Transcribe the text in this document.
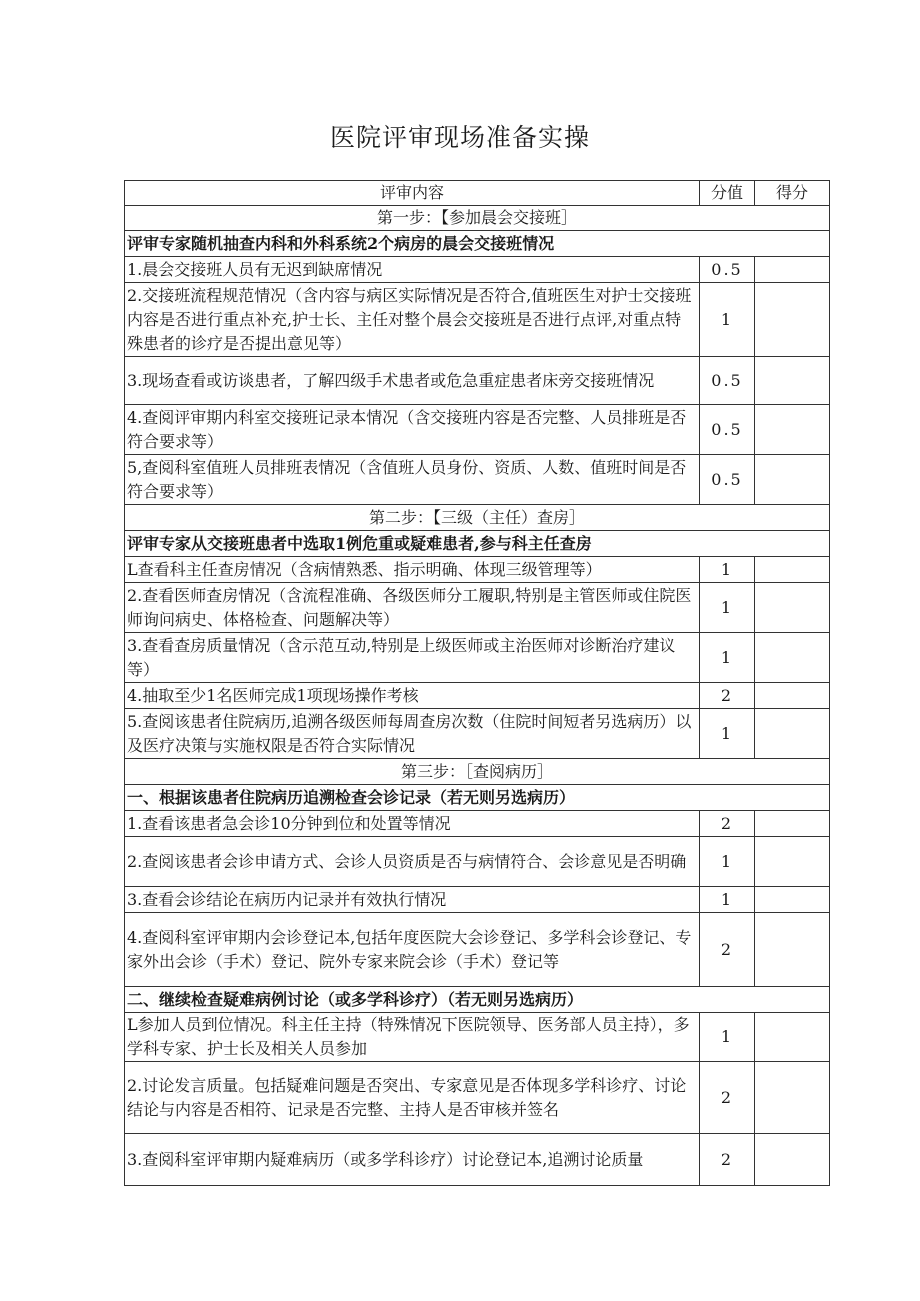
医院评审现场准备实操
评审内容	分值	得分
第一步：【参加晨会交接班］		
评审专家随机抽查内科和外科系统2个病房的晨会交接班情况		
1.晨会交接班人员有无迟到缺席情况	0.5	
2.交接班流程规范情况（含内容与病区实际情况是否符合,值班医生对护士交接班内容是否进行重点补充,护士长、主任对整个晨会交接班是否进行点评,对重点特殊患者的诊疗是否提出意见等）	1	
3.现场查看或访谈患者，了解四级手术患者或危急重症患者床旁交接班情况	0.5	
4.查阅评审期内科室交接班记录本情况（含交接班内容是否完整、人员排班是否符合要求等）	0.5	
5,查阅科室值班人员排班表情况（含值班人员身份、资质、人数、值班时间是否符合要求等）	0.5	
第二步：【三级（主任）查房］		
评审专家从交接班患者中选取1例危重或疑难患者,参与科主任查房		
L查看科主任查房情况（含病情熟悉、指示明确、体现三级管理等）	1	
2.查看医师查房情况（含流程准确、各级医师分工履职,特别是主管医师或住院医师询问病史、体格检查、问题解决等）	1	
3.查看查房质量情况（含示范互动,特别是上级医师或主治医师对诊断治疗建议等）	1	
4.抽取至少1名医师完成1项现场操作考核	2	
5.查阅该患者住院病历,追溯各级医师每周查房次数（住院时间短者另选病历）以及医疗决策与实施权限是否符合实际情况	1	
第三步：［查阅病历］		
一、根据该患者住院病历追溯检查会诊记录（若无则另选病历）		
1.查看该患者急会诊10分钟到位和处置等情况	2	
2.查阅该患者会诊申请方式、会诊人员资质是否与病情符合、会诊意见是否明确	1	
3.查看会诊结论在病历内记录并有效执行情况	1	
4.查阅科室评审期内会诊登记本,包括年度医院大会诊登记、多学科会诊登记、专家外出会诊（手术）登记、院外专家来院会诊（手术）登记等	2	
二、继续检查疑难病例讨论（或多学科诊疗）（若无则另选病历）		
L参加人员到位情况。科主任主持（特殊情况下医院领导、医务部人员主持），多学科专家、护士长及相关人员参加	1	
2.讨论发言质量。包括疑难问题是否突出、专家意见是否体现多学科诊疗、讨论结论与内容是否相符、记录是否完整、主持人是否审核并签名	2	
3.查阅科室评审期内疑难病历（或多学科诊疗）讨论登记本,追溯讨论质量	2	
